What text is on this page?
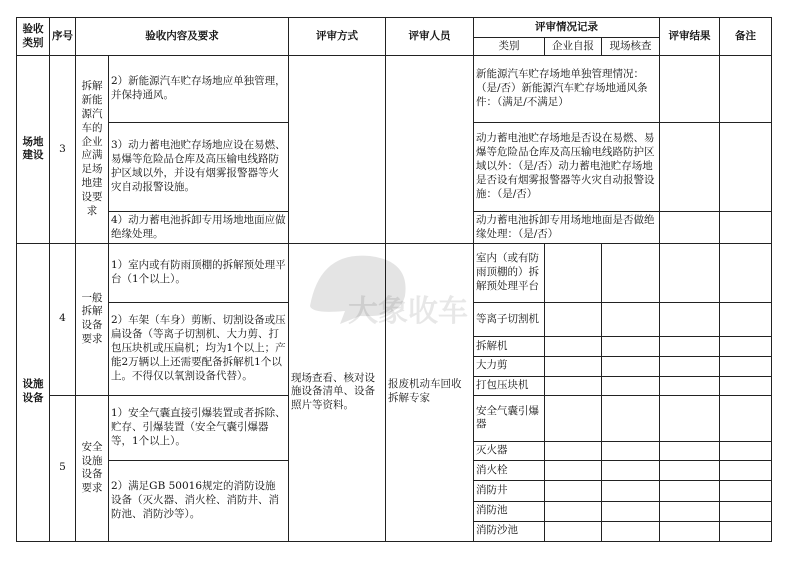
验收类别	序号	验收内容及要求		评审方式	评审人员	评审情况记录			评审结果	备注
						类别	企业自报	现场核查		
场地建设	3	拆解新能源汽车的企业应满足场地建设要求	2）新能源汽车贮存场地应单独管理，并保持通风。			新能源汽车贮存场地单独管理情况：（是/否）新能源汽车贮存场地通风条件：（满足/不满足）				
			3）动力蓄电池贮存场地应设在易燃、易爆等危险品仓库及高压输电线路防护区域以外，并设有烟雾报警器等火灾自动报警设施。			动力蓄电池贮存场地是否设在易燃、易爆等危险品仓库及高压输电线路防护区域以外：（是/否）动力蓄电池贮存场地是否设有烟雾报警器等火灾自动报警设施：（是/否）				
			4）动力蓄电池拆卸专用场地地面应做绝缘处理。			动力蓄电池拆卸专用场地地面是否做绝缘处理：（是/否）				
设施设备	4	一般拆解设备要求	1）室内或有防雨顶棚的拆解预处理平台（1个以上）。	现场查看、核对设施设备清单、设备照片等资料。	报废机动车回收拆解专家	室内（或有防雨顶棚的）拆解预处理平台				
			2）车架（车身）剪断、切割设备或压扁设备（等离子切割机、大力剪、打包压块机或压扁机；均为1个以上；产能2万辆以上还需要配备拆解机1个以上。不得仅以氧割设备代替）。			等离子切割机				
						拆解机				
						大力剪				
						打包压块机				
	5	安全设施设备要求	1）安全气囊直接引爆装置或者拆除、贮存、引爆装置（安全气囊引爆器等，1个以上）。			安全气囊引爆器				
						灭火器				
			2）满足GB 50016规定的消防设施设备（灭火器、消火栓、消防井、消防池、消防沙等）。			消火栓				
						消防井				
						消防池				
						消防沙池				
大象收车
